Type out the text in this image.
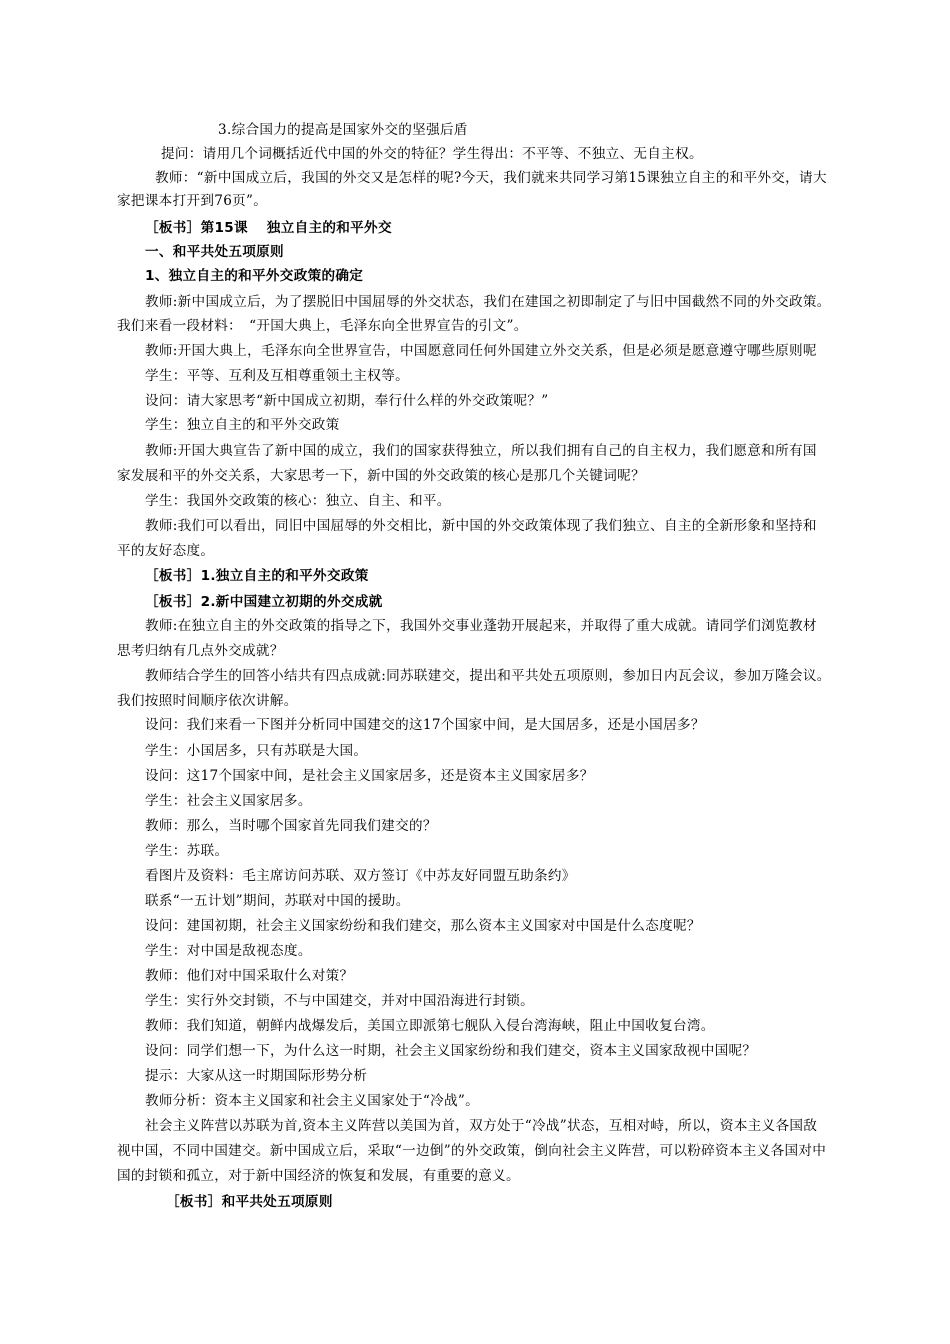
3.综合国力的提高是国家外交的坚强后盾
提问：请用几个词概括近代中国的外交的特征？学生得出：不平等、不独立、无自主权。
教师：“新中国成立后，我国的外交又是怎样的呢?今天，我们就来共同学习第15课独立自主的和平外交，请大
家把课本打开到76页”。
［板书］第15课　 独立自主的和平外交
一、和平共处五项原则
1、独立自主的和平外交政策的确定
教师:新中国成立后，为了摆脱旧中国屈辱的外交状态，我们在建国之初即制定了与旧中国截然不同的外交政策。
我们来看一段材料：　“开国大典上，毛泽东向全世界宣告的引文”。
教师:开国大典上，毛泽东向全世界宣告，中国愿意同任何外国建立外交关系，但是必须是愿意遵守哪些原则呢
学生：平等、互利及互相尊重领土主权等。
设问：请大家思考“新中国成立初期，奉行什么样的外交政策呢？”
学生：独立自主的和平外交政策
教师:开国大典宣告了新中国的成立，我们的国家获得独立，所以我们拥有自己的自主权力，我们愿意和所有国
家发展和平的外交关系，大家思考一下，新中国的外交政策的核心是那几个关键词呢？
学生：我国外交政策的核心：独立、自主、和平。
教师:我们可以看出，同旧中国屈辱的外交相比，新中国的外交政策体现了我们独立、自主的全新形象和坚持和
平的友好态度。
［板书］1.独立自主的和平外交政策
［板书］2.新中国建立初期的外交成就
教师:在独立自主的外交政策的指导之下，我国外交事业蓬勃开展起来，并取得了重大成就。请同学们浏览教材
思考归纳有几点外交成就？
教师结合学生的回答小结共有四点成就:同苏联建交，提出和平共处五项原则，参加日内瓦会议，参加万隆会议。
我们按照时间顺序依次讲解。
设问：我们来看一下图并分析同中国建交的这17个国家中间，是大国居多，还是小国居多？
学生：小国居多，只有苏联是大国。
设问：这17个国家中间，是社会主义国家居多，还是资本主义国家居多？
学生：社会主义国家居多。
教师：那么，当时哪个国家首先同我们建交的？
学生：苏联。
看图片及资料：毛主席访问苏联、双方签订《中苏友好同盟互助条约》
联系“一五计划”期间，苏联对中国的援助。
设问：建国初期，社会主义国家纷纷和我们建交，那么资本主义国家对中国是什么态度呢？
学生：对中国是敌视态度。
教师：他们对中国采取什么对策？
学生：实行外交封锁，不与中国建交，并对中国沿海进行封锁。
教师：我们知道，朝鲜内战爆发后，美国立即派第七舰队入侵台湾海峡，阻止中国收复台湾。
设问：同学们想一下，为什么这一时期，社会主义国家纷纷和我们建交，资本主义国家敌视中国呢？
提示：大家从这一时期国际形势分析
教师分析：资本主义国家和社会主义国家处于“冷战”。
社会主义阵营以苏联为首,资本主义阵营以美国为首，双方处于“冷战”状态，互相对峙，所以，资本主义各国敌
视中国，不同中国建交。新中国成立后，采取“一边倒”的外交政策，倒向社会主义阵营，可以粉碎资本主义各国对中
国的封锁和孤立，对于新中国经济的恢复和发展，有重要的意义。
［板书］和平共处五项原则
